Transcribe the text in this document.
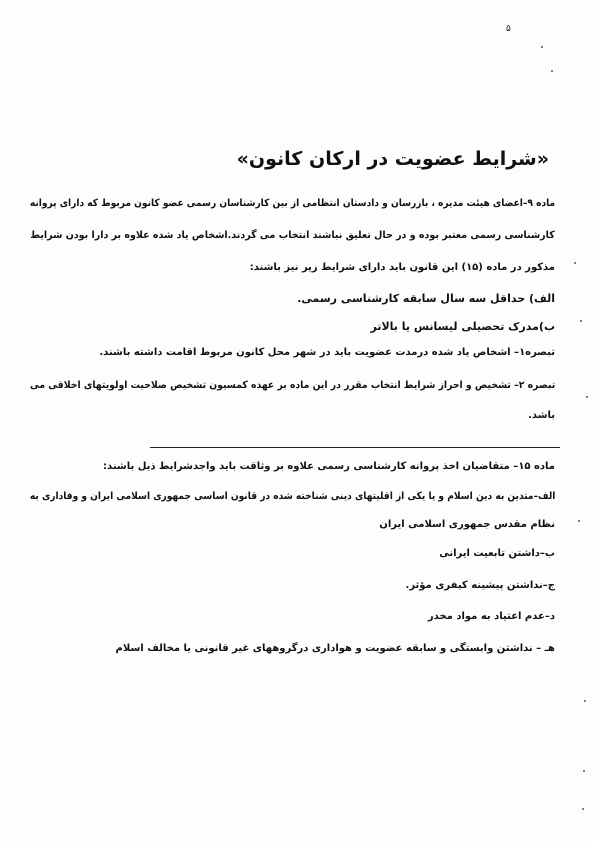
۵
«شرایط عضویت در ارکان کانون»
ماده ۹–اعضای هیئت مدیره ، بازرسان و دادستان انتظامی از بین کارشناسان رسمی عضو کانون مربوط که دارای پروانه
کارشناسی رسمی معتبر بوده و در حال تعلیق نباشند انتخاب می گردند.اشخاص یاد شده علاوه بر دارا بودن شرایط
مذکور در ماده (۱۵) این قانون باید دارای شرایط زیر نیز باشند:
الف) حداقل سه سال سابقه کارشناسی رسمی.
ب)مدرک تحصیلی لیسانس یا بالاتر
تبصره۱– اشخاص یاد شده درمدت عضویت باید در شهر محل کانون مربوط اقامت داشته باشند.
تبصره ۲– تشخیص و احراز شرایط انتخاب مقرر در این ماده بر عهده کمسیون تشخیص صلاحیت اولویتهای اخلاقی می
باشد.
ماده ۱۵– متقاضیان اخذ پروانه کارشناسی رسمی علاوه بر وثاقت باید واجدشرایط ذیل باشند:
الف–متدین به دین اسلام و یا یکی از اقلیتهای دینی شناخته شده در قانون اساسی جمهوری اسلامی ایران و وفاداری به
نظام مقدس جمهوری اسلامی ایران
ب–داشتن تابعیت ایرانی
ج–نداشتن پیشینه کیفری مؤثر.
د–عدم اعتیاد به مواد مخدر
هـ – نداشتن وابستگی و سابقه عضویت و هواداری درگروههای غیر قانونی یا مخالف اسلام
